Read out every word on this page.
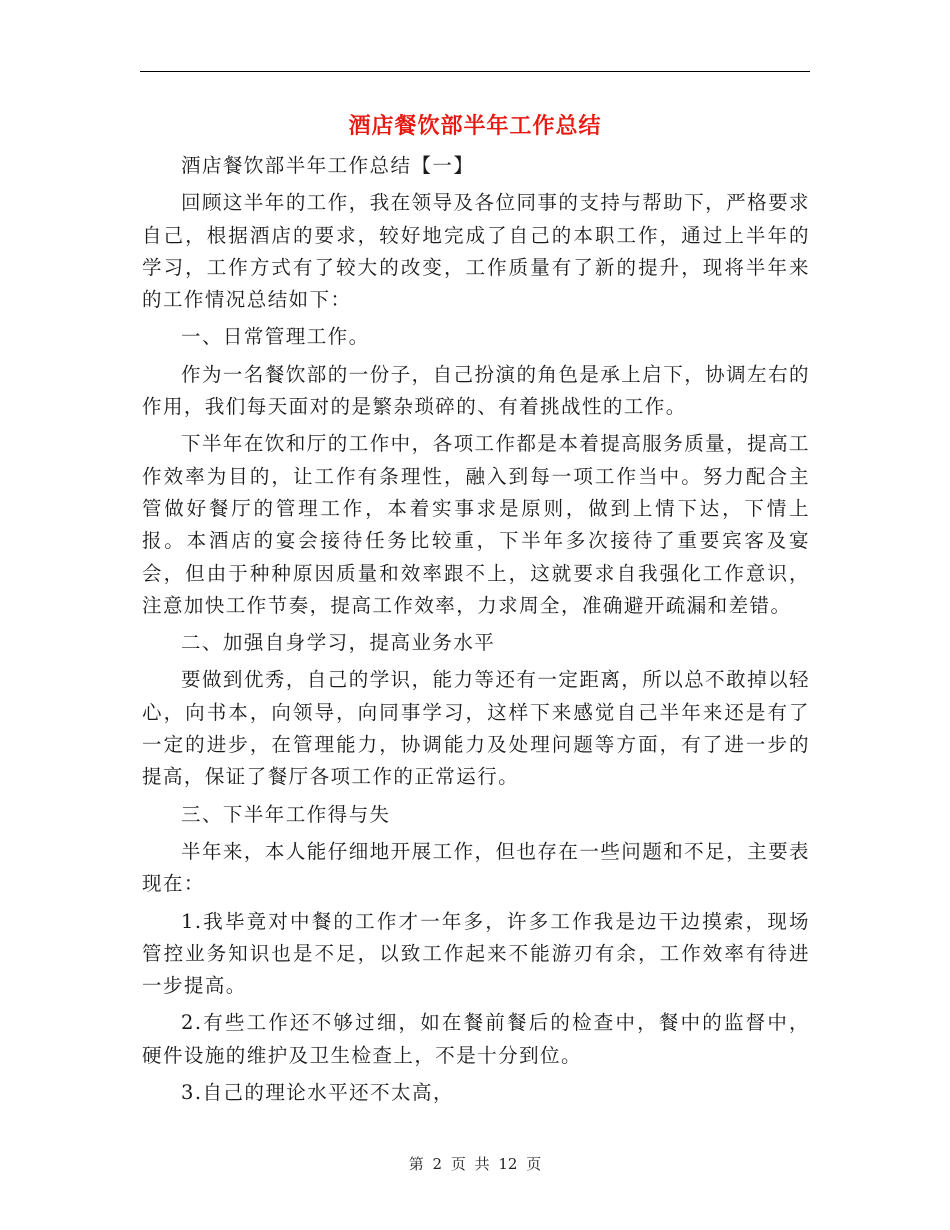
酒店餐饮部半年工作总结

酒店餐饮部半年工作总结【一】

回顾这半年的工作，我在领导及各位同事的支持与帮助下，严格要求自己，根据酒店的要求，较好地完成了自己的本职工作，通过上半年的学习，工作方式有了较大的改变，工作质量有了新的提升，现将半年来的工作情况总结如下：

一、日常管理工作。

作为一名餐饮部的一份子，自己扮演的角色是承上启下，协调左右的作用，我们每天面对的是繁杂琐碎的、有着挑战性的工作。

下半年在饮和厅的工作中，各项工作都是本着提高服务质量，提高工作效率为目的，让工作有条理性，融入到每一项工作当中。努力配合主管做好餐厅的管理工作，本着实事求是原则，做到上情下达，下情上报。本酒店的宴会接待任务比较重，下半年多次接待了重要宾客及宴会，但由于种种原因质量和效率跟不上，这就要求自我强化工作意识，注意加快工作节奏，提高工作效率，力求周全，准确避开疏漏和差错。

二、加强自身学习，提高业务水平

要做到优秀，自己的学识，能力等还有一定距离，所以总不敢掉以轻心，向书本，向领导，向同事学习，这样下来感觉自己半年来还是有了一定的进步，在管理能力，协调能力及处理问题等方面，有了进一步的提高，保证了餐厅各项工作的正常运行。

三、下半年工作得与失

半年来，本人能仔细地开展工作，但也存在一些问题和不足，主要表现在：

1.我毕竟对中餐的工作才一年多，许多工作我是边干边摸索，现场管控业务知识也是不足，以致工作起来不能游刃有余，工作效率有待进一步提高。

2.有些工作还不够过细，如在餐前餐后的检查中，餐中的监督中，硬件设施的维护及卫生检查上，不是十分到位。

3.自己的理论水平还不太高，

第 2 页 共 12 页
